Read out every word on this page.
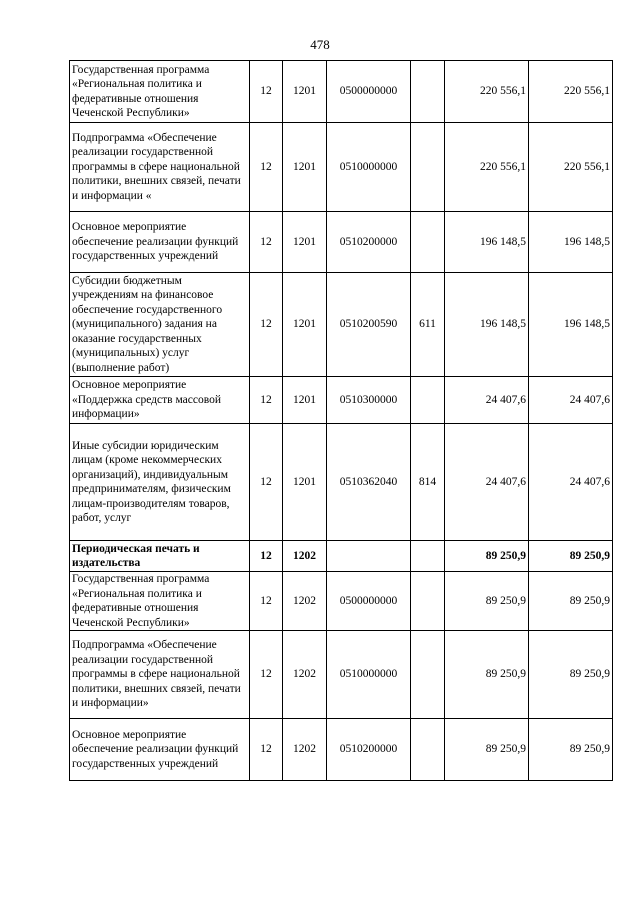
478
Государственная программа «Региональная политика и федеративные отношения Чеченской Республики»	12	1201	0500000000		220 556,1	220 556,1
Подпрограмма «Обеспечение реализации государственной программы в сфере национальной политики, внешних связей, печати и информации «	12	1201	0510000000		220 556,1	220 556,1
Основное мероприятие обеспечение реализации функций государственных учреждений	12	1201	0510200000		196 148,5	196 148,5
Субсидии бюджетным учреждениям на финансовое обеспечение государственного (муниципального) задания на оказание государственных (муниципальных) услуг (выполнение работ)	12	1201	0510200590	611	196 148,5	196 148,5
Основное мероприятие «Поддержка средств массовой информации»	12	1201	0510300000		24 407,6	24 407,6
Иные субсидии юридическим лицам (кроме некоммерческих организаций), индивидуальным предпринимателям, физическим лицам-производителям товаров, работ, услуг	12	1201	0510362040	814	24 407,6	24 407,6
Периодическая печать и издательства	12	1202			89 250,9	89 250,9
Государственная программа «Региональная политика и федеративные отношения Чеченской Республики»	12	1202	0500000000		89 250,9	89 250,9
Подпрограмма «Обеспечение реализации государственной программы в сфере национальной политики, внешних связей, печати и информации»	12	1202	0510000000		89 250,9	89 250,9
Основное мероприятие обеспечение реализации функций государственных учреждений	12	1202	0510200000		89 250,9	89 250,9
